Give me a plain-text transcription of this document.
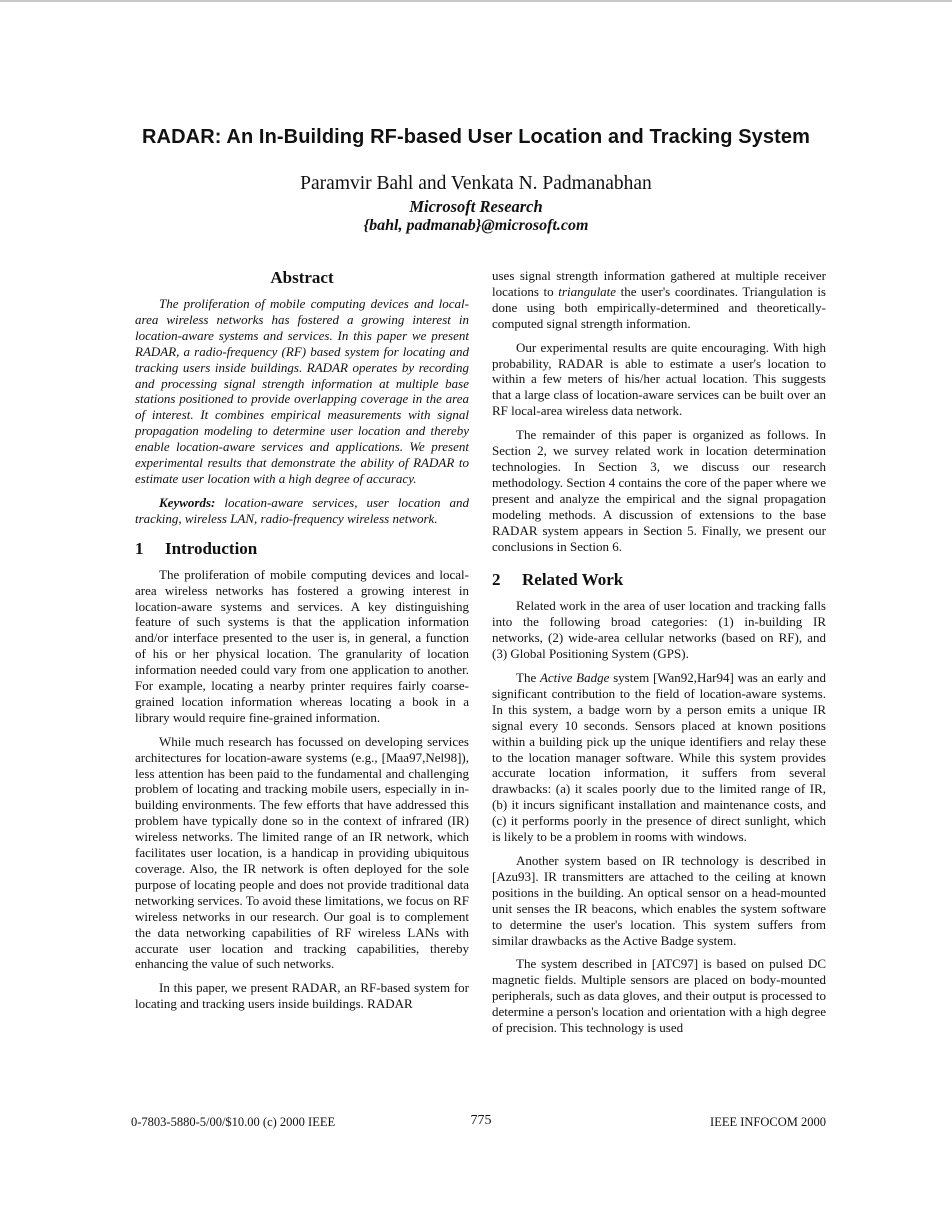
RADAR: An In-Building RF-based User Location and Tracking System
Paramvir Bahl and Venkata N. Padmanabhan
Microsoft Research
{bahl, padmanab}@microsoft.com
Abstract

The proliferation of mobile computing devices and local-area wireless networks has fostered a growing interest in location-aware systems and services. In this paper we present RADAR, a radio-frequency (RF) based system for locating and tracking users inside buildings. RADAR operates by recording and processing signal strength information at multiple base stations positioned to provide overlapping coverage in the area of interest. It combines empirical measurements with signal propagation modeling to determine user location and thereby enable location-aware services and applications. We present experimental results that demonstrate the ability of RADAR to estimate user location with a high degree of accuracy.

Keywords: location-aware services, user location and tracking, wireless LAN, radio-frequency wireless network.

1 Introduction

The proliferation of mobile computing devices and local-area wireless networks has fostered a growing interest in location-aware systems and services. A key distinguishing feature of such systems is that the application information and/or interface presented to the user is, in general, a function of his or her physical location. The granularity of location information needed could vary from one application to another. For example, locating a nearby printer requires fairly coarse-grained location information whereas locating a book in a library would require fine-grained information.

While much research has focussed on developing services architectures for location-aware systems (e.g., [Maa97,Nel98]), less attention has been paid to the fundamental and challenging problem of locating and tracking mobile users, especially in in-building environments. The few efforts that have addressed this problem have typically done so in the context of infrared (IR) wireless networks. The limited range of an IR network, which facilitates user location, is a handicap in providing ubiquitous coverage. Also, the IR network is often deployed for the sole purpose of locating people and does not provide traditional data networking services. To avoid these limitations, we focus on RF wireless networks in our research. Our goal is to complement the data networking capabilities of RF wireless LANs with accurate user location and tracking capabilities, thereby enhancing the value of such networks.

In this paper, we present RADAR, an RF-based system for locating and tracking users inside buildings. RADAR

uses signal strength information gathered at multiple receiver locations to triangulate the user's coordinates. Triangulation is done using both empirically-determined and theoretically-computed signal strength information.

Our experimental results are quite encouraging. With high probability, RADAR is able to estimate a user's location to within a few meters of his/her actual location. This suggests that a large class of location-aware services can be built over an RF local-area wireless data network.

The remainder of this paper is organized as follows. In Section 2, we survey related work in location determination technologies. In Section 3, we discuss our research methodology. Section 4 contains the core of the paper where we present and analyze the empirical and the signal propagation modeling methods. A discussion of extensions to the base RADAR system appears in Section 5. Finally, we present our conclusions in Section 6.

2 Related Work

Related work in the area of user location and tracking falls into the following broad categories: (1) in-building IR networks, (2) wide-area cellular networks (based on RF), and (3) Global Positioning System (GPS).

The Active Badge system [Wan92,Har94] was an early and significant contribution to the field of location-aware systems. In this system, a badge worn by a person emits a unique IR signal every 10 seconds. Sensors placed at known positions within a building pick up the unique identifiers and relay these to the location manager software. While this system provides accurate location information, it suffers from several drawbacks: (a) it scales poorly due to the limited range of IR, (b) it incurs significant installation and maintenance costs, and (c) it performs poorly in the presence of direct sunlight, which is likely to be a problem in rooms with windows.

Another system based on IR technology is described in [Azu93]. IR transmitters are attached to the ceiling at known positions in the building. An optical sensor on a head-mounted unit senses the IR beacons, which enables the system software to determine the user's location. This system suffers from similar drawbacks as the Active Badge system.

The system described in [ATC97] is based on pulsed DC magnetic fields. Multiple sensors are placed on body-mounted peripherals, such as data gloves, and their output is processed to determine a person's location and orientation with a high degree of precision. This technology is used

0-7803-5880-5/00/$10.00 (c) 2000 IEEE	775	IEEE INFOCOM 2000
